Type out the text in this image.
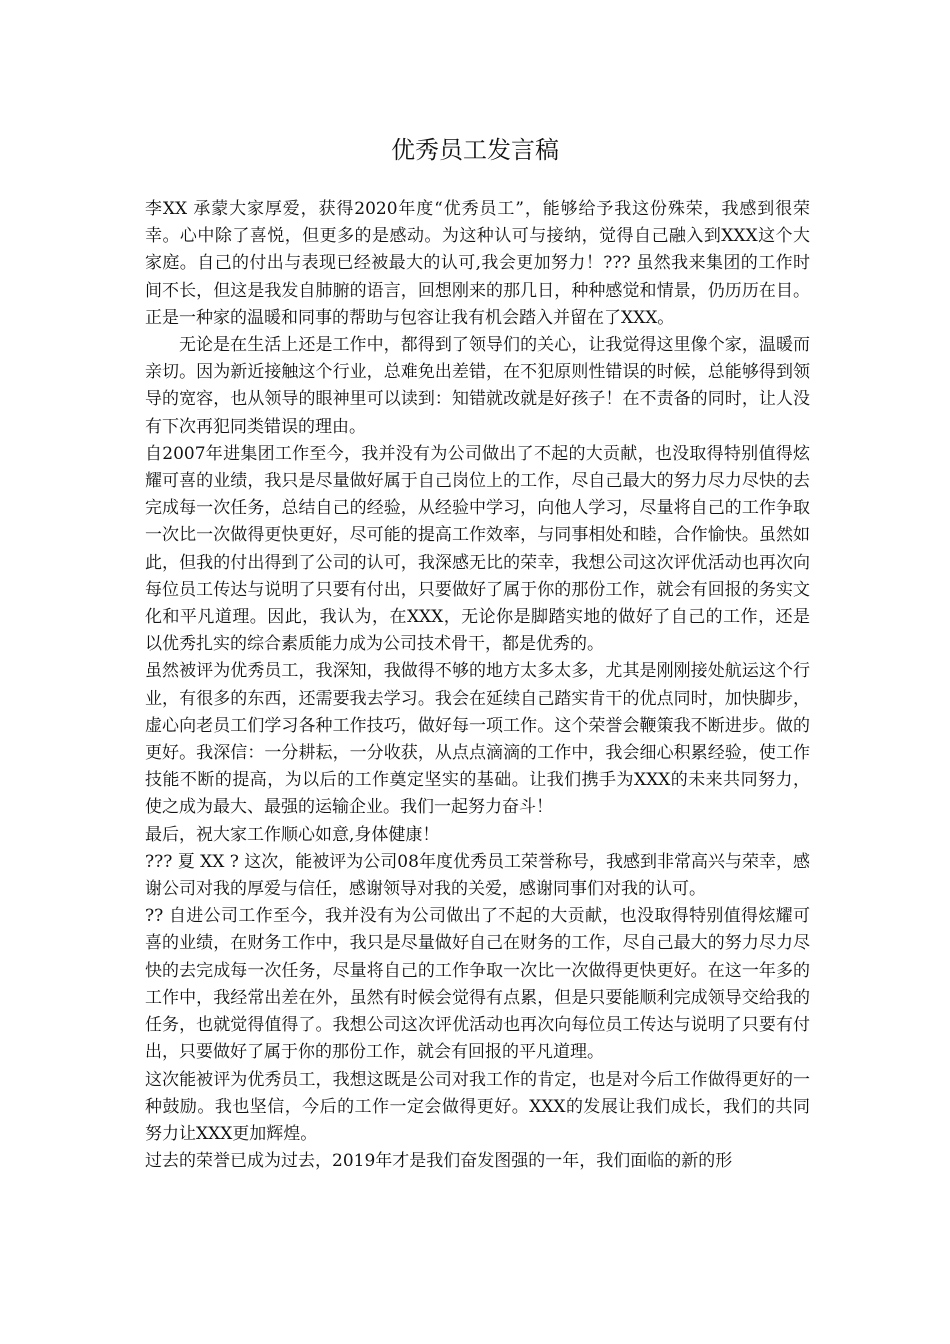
优秀员工发言稿

李XX 承蒙大家厚爱，获得2020年度“优秀员工”，能够给予我这份殊荣，我感到很荣幸。心中除了喜悦，但更多的是感动。为这种认可与接纳，觉得自己融入到XXX这个大家庭。自己的付出与表现已经被最大的认可,我会更加努力！??? 虽然我来集团的工作时间不长，但这是我发自肺腑的语言，回想刚来的那几日，种种感觉和情景，仍历历在目。正是一种家的温暖和同事的帮助与包容让我有机会踏入并留在了XXX。

无论是在生活上还是工作中，都得到了领导们的关心，让我觉得这里像个家，温暖而亲切。因为新近接触这个行业，总难免出差错，在不犯原则性错误的时候，总能够得到领导的宽容，也从领导的眼神里可以读到：知错就改就是好孩子！在不责备的同时，让人没有下次再犯同类错误的理由。

自2007年进集团工作至今，我并没有为公司做出了不起的大贡献，也没取得特别值得炫耀可喜的业绩，我只是尽量做好属于自己岗位上的工作，尽自己最大的努力尽力尽快的去完成每一次任务，总结自己的经验，从经验中学习，向他人学习，尽量将自己的工作争取一次比一次做得更快更好，尽可能的提高工作效率，与同事相处和睦，合作愉快。虽然如此，但我的付出得到了公司的认可，我深感无比的荣幸，我想公司这次评优活动也再次向每位员工传达与说明了只要有付出，只要做好了属于你的那份工作，就会有回报的务实文化和平凡道理。因此，我认为，在XXX，无论你是脚踏实地的做好了自己的工作，还是以优秀扎实的综合素质能力成为公司技术骨干，都是优秀的。

虽然被评为优秀员工，我深知，我做得不够的地方太多太多，尤其是刚刚接处航运这个行业，有很多的东西，还需要我去学习。我会在延续自己踏实肯干的优点同时，加快脚步，虚心向老员工们学习各种工作技巧，做好每一项工作。这个荣誉会鞭策我不断进步。做的更好。我深信：一分耕耘，一分收获，从点点滴滴的工作中，我会细心积累经验，使工作技能不断的提高，为以后的工作奠定坚实的基础。让我们携手为XXX的未来共同努力，使之成为最大、最强的运输企业。我们一起努力奋斗！

最后，祝大家工作顺心如意,身体健康！

??? 夏 XX ? 这次，能被评为公司08年度优秀员工荣誉称号，我感到非常高兴与荣幸，感谢公司对我的厚爱与信任，感谢领导对我的关爱，感谢同事们对我的认可。

?? 自进公司工作至今，我并没有为公司做出了不起的大贡献，也没取得特别值得炫耀可喜的业绩，在财务工作中，我只是尽量做好自己在财务的工作，尽自己最大的努力尽力尽快的去完成每一次任务，尽量将自己的工作争取一次比一次做得更快更好。在这一年多的工作中，我经常出差在外，虽然有时候会觉得有点累，但是只要能顺利完成领导交给我的任务，也就觉得值得了。我想公司这次评优活动也再次向每位员工传达与说明了只要有付出，只要做好了属于你的那份工作，就会有回报的平凡道理。

这次能被评为优秀员工，我想这既是公司对我工作的肯定，也是对今后工作做得更好的一种鼓励。我也坚信，今后的工作一定会做得更好。XXX的发展让我们成长，我们的共同努力让XXX更加辉煌。

过去的荣誉已成为过去，2019年才是我们奋发图强的一年，我们面临的新的形
